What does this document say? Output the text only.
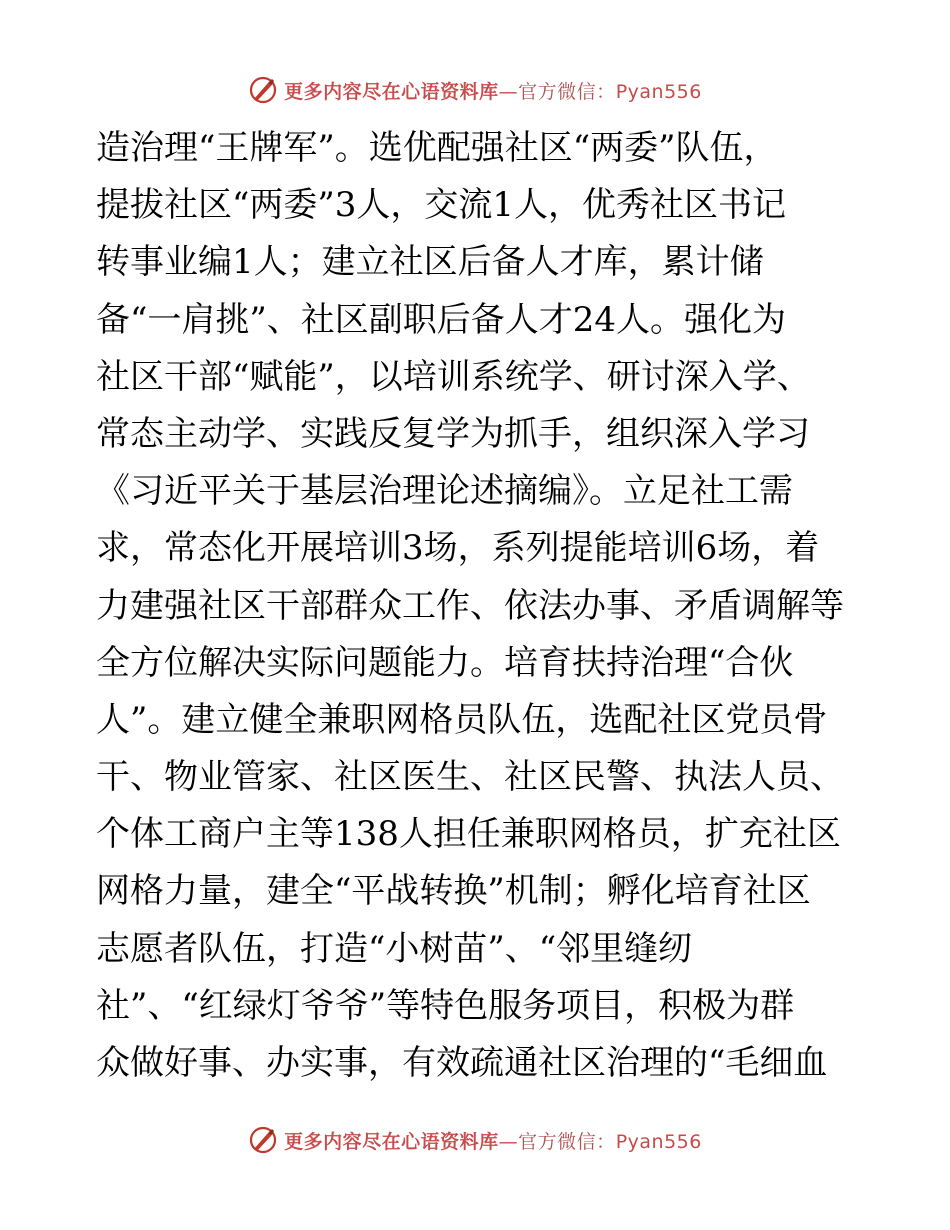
更多内容尽在心语资料库—官方微信：Pyan556
造治理“王牌军”。选优配强社区“两委”队伍，
提拔社区“两委”3人，交流1人，优秀社区书记
转事业编1人；建立社区后备人才库，累计储
备“一肩挑”、社区副职后备人才24人。强化为
社区干部“赋能”，以培训系统学、研讨深入学、
常态主动学、实践反复学为抓手，组织深入学习
《习近平关于基层治理论述摘编》。立足社工需
求，常态化开展培训3场，系列提能培训6场，着
力建强社区干部群众工作、依法办事、矛盾调解等
全方位解决实际问题能力。培育扶持治理“合伙
人”。建立健全兼职网格员队伍，选配社区党员骨
干、物业管家、社区医生、社区民警、执法人员、
个体工商户主等138人担任兼职网格员，扩充社区
网格力量，建全“平战转换”机制；孵化培育社区
志愿者队伍，打造“小树苗”、“邻里缝纫
社”、“红绿灯爷爷”等特色服务项目，积极为群
众做好事、办实事，有效疏通社区治理的“毛细血
更多内容尽在心语资料库—官方微信：Pyan556
